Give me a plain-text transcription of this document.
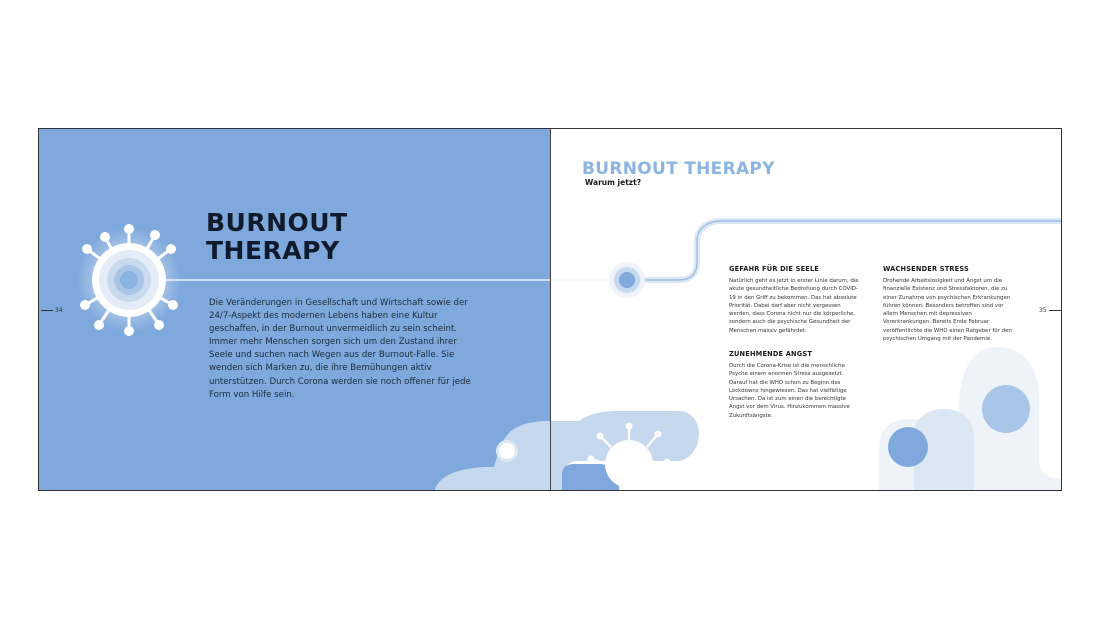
BURNOUT
THERAPY

Die Veränderungen in Gesellschaft und Wirtschaft sowie der 24/7-Aspekt des modernen Lebens haben eine Kultur geschaffen, in der Burnout unvermeidlich zu sein scheint. Immer mehr Menschen sorgen sich um den Zustand ihrer Seele und suchen nach Wegen aus der Burnout-Falle. Sie wenden sich Marken zu, die ihre Bemühungen aktiv unterstützen. Durch Corona werden sie noch offener für jede Form von Hilfe sein.

34	35
BURNOUT THERAPY

Warum jetzt?

GEFAHR FÜR DIE SEELE

Natürlich geht es jetzt in erster Linie darum, die akute gesundheitliche Bedrohung durch COVID-19 in den Griff zu bekommen. Das hat absolute Priorität. Dabei darf aber nicht vergessen werden, dass Corona nicht nur die körperliche, sondern auch die psychische Gesundheit der Menschen massiv gefährdet.

ZUNEHMENDE ANGST

Durch die Corona-Krise ist die menschliche Psyche einem enormen Stress ausgesetzt. Darauf hat die WHO schon zu Beginn des Lockdowns hingewiesen. Das hat vielfältige Ursachen. Da ist zum einen die berechtigte Angst vor dem Virus. Hinzukommen massive Zukunftsängste.

WACHSENDER STRESS

Drohende Arbeitslosigkeit und Angst um die finanzielle Existenz und Stressfaktoren, die zu einer Zunahme von psychischen Erkrankungen führen können. Besonders betroffen sind vor allem Menschen mit depressiven Vorerkrankungen. Bereits Ende Februar veröffentlichte die WHO einen Ratgeber für den psychischen Umgang mit der Pandemie.
